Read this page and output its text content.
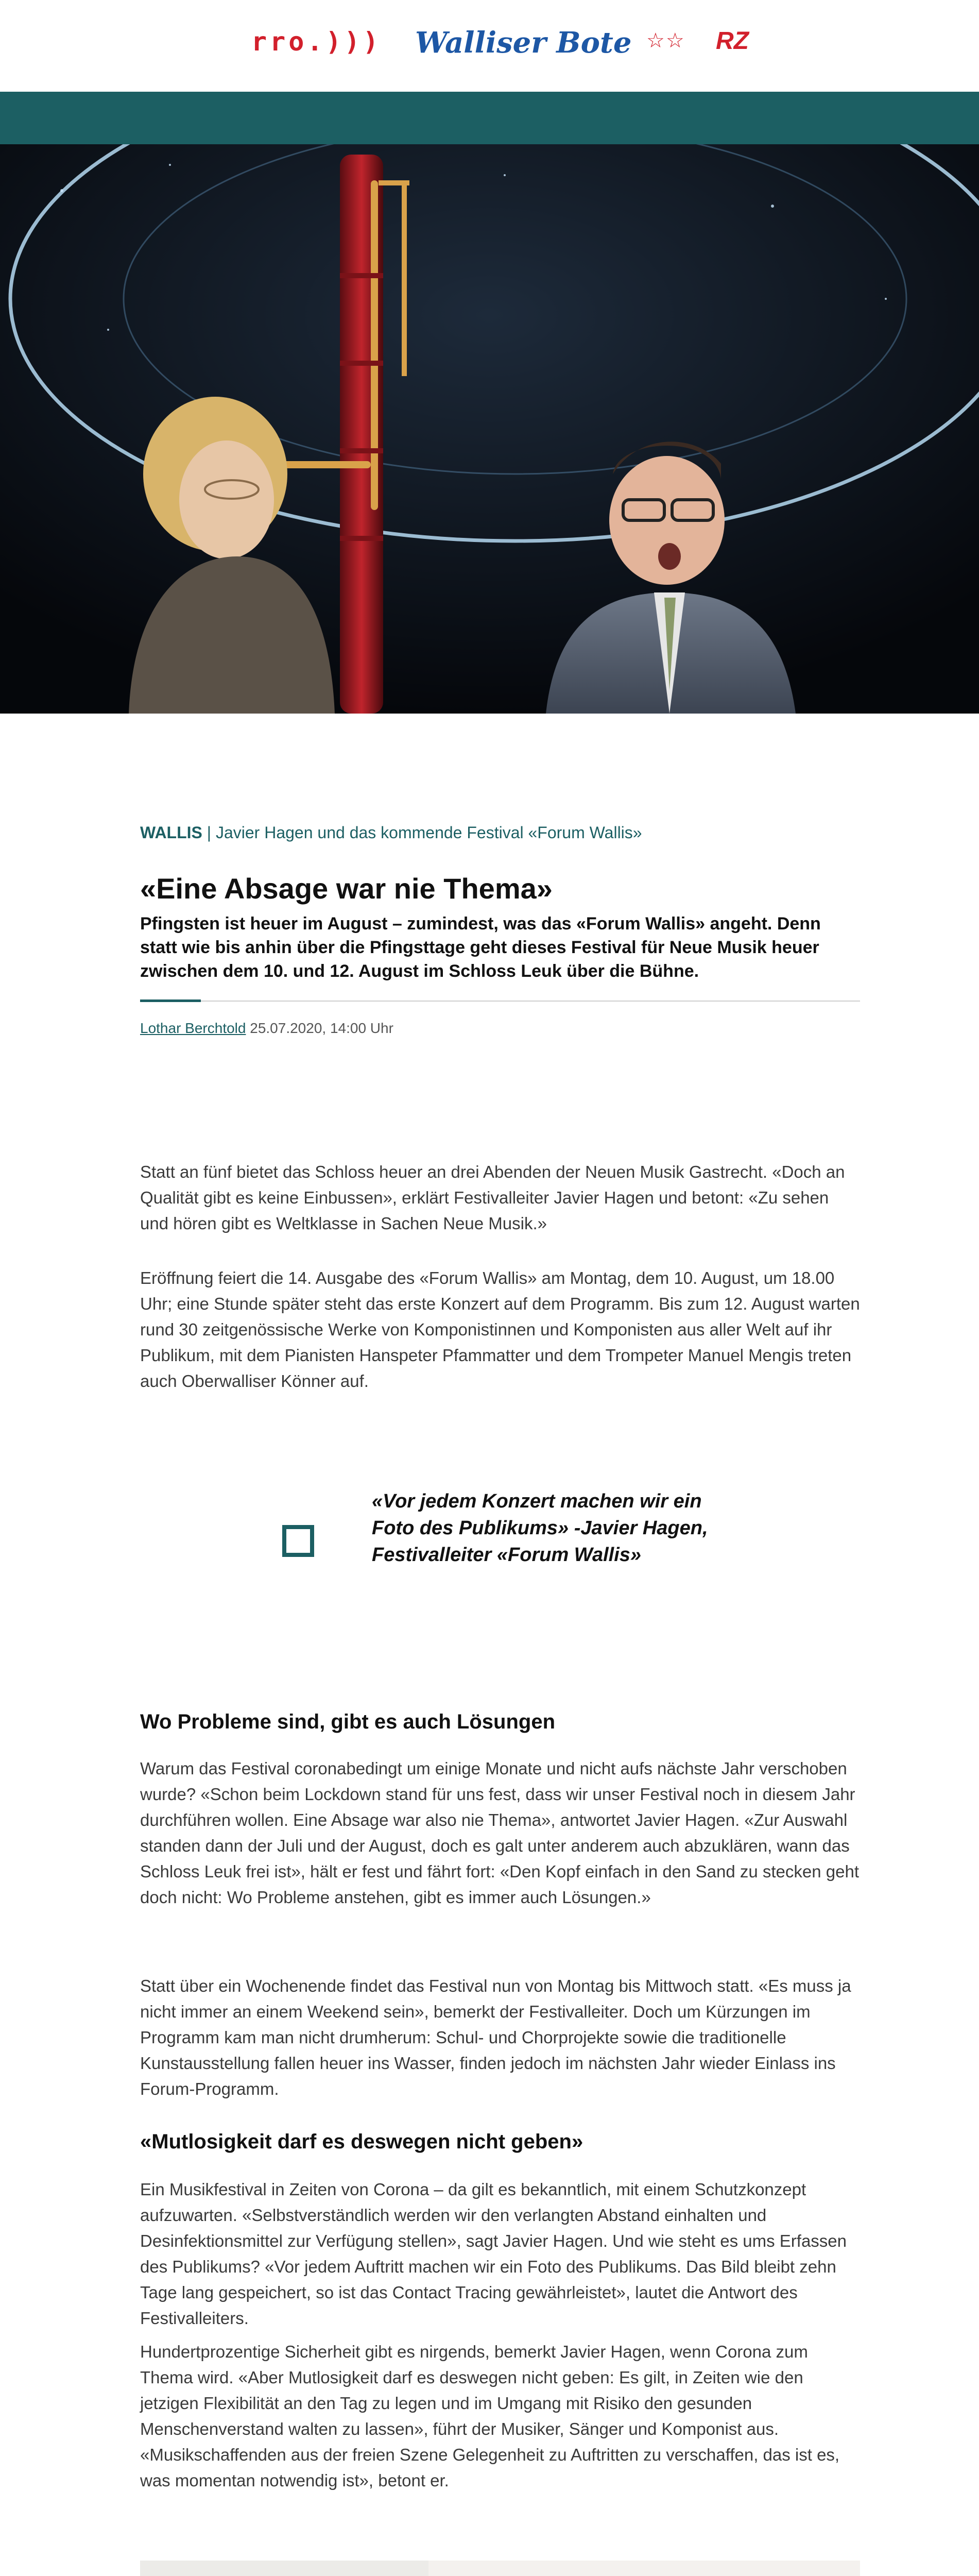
rro.))) Walliser Bote ☆☆ RZ
WALLIS | Javier Hagen und das kommende Festival «Forum Wallis»
«Eine Absage war nie Thema»

Pfingsten ist heuer im August – zumindest, was das «Forum Wallis» angeht. Denn statt wie bis anhin über die Pfingsttage geht dieses Festival für Neue Musik heuer zwischen dem 10. und 12. August im Schloss Leuk über die Bühne.

Lothar Berchtold 25.07.2020, 14:00 Uhr

Statt an fünf bietet das Schloss heuer an drei Abenden der Neuen Musik Gastrecht. «Doch an Qualität gibt es keine Einbussen», erklärt Festivalleiter Javier Hagen und betont: «Zu sehen und hören gibt es Weltklasse in Sachen Neue Musik.»

Eröffnung feiert die 14. Ausgabe des «Forum Wallis» am Montag, dem 10. August, um 18.00 Uhr; eine Stunde später steht das erste Konzert auf dem Programm. Bis zum 12. August warten rund 30 zeitgenössische Werke von Komponistinnen und Komponisten aus aller Welt auf ihr Publikum, mit dem Pianisten Hanspeter Pfammatter und dem Trompeter Manuel Mengis treten auch Oberwalliser Könner auf.

«Vor jedem Konzert machen wir ein Foto des Publikums» -Javier Hagen, Festivalleiter «Forum Wallis»

Wo Probleme sind, gibt es auch Lösungen

Warum das Festival coronabedingt um einige Monate und nicht aufs nächste Jahr verschoben wurde? «Schon beim Lockdown stand für uns fest, dass wir unser Festival noch in diesem Jahr durchführen wollen. Eine Absage war also nie Thema», antwortet Javier Hagen. «Zur Auswahl standen dann der Juli und der August, doch es galt unter anderem auch abzuklären, wann das Schloss Leuk frei ist», hält er fest und fährt fort: «Den Kopf einfach in den Sand zu stecken geht doch nicht: Wo Probleme anstehen, gibt es immer auch Lösungen.»

Statt über ein Wochenende findet das Festival nun von Montag bis Mittwoch statt. «Es muss ja nicht immer an einem Weekend sein», bemerkt der Festivalleiter. Doch um Kürzungen im Programm kam man nicht drumherum: Schul- und Chorprojekte sowie die traditionelle Kunstausstellung fallen heuer ins Wasser, finden jedoch im nächsten Jahr wieder Einlass ins Forum-Programm.

«Mutlosigkeit darf es deswegen nicht geben»

Ein Musikfestival in Zeiten von Corona – da gilt es bekanntlich, mit einem Schutzkonzept aufzuwarten. «Selbstverständlich werden wir den verlangten Abstand einhalten und Desinfektionsmittel zur Verfügung stellen», sagt Javier Hagen. Und wie steht es ums Erfassen des Publikums? «Vor jedem Auftritt machen wir ein Foto des Publikums. Das Bild bleibt zehn Tage lang gespeichert, so ist das Contact Tracing gewährleistet», lautet die Antwort des Festivalleiters.

Hundertprozentige Sicherheit gibt es nirgends, bemerkt Javier Hagen, wenn Corona zum Thema wird. «Aber Mutlosigkeit darf es deswegen nicht geben: Es gilt, in Zeiten wie den jetzigen Flexibilität an den Tag zu legen und im Umgang mit Risiko den gesunden Menschenverstand walten zu lassen», führt der Musiker, Sänger und Komponist aus. «Musikschaffenden aus der freien Szene Gelegenheit zu Auftritten zu verschaffen, das ist es, was momentan notwendig ist», betont er.
